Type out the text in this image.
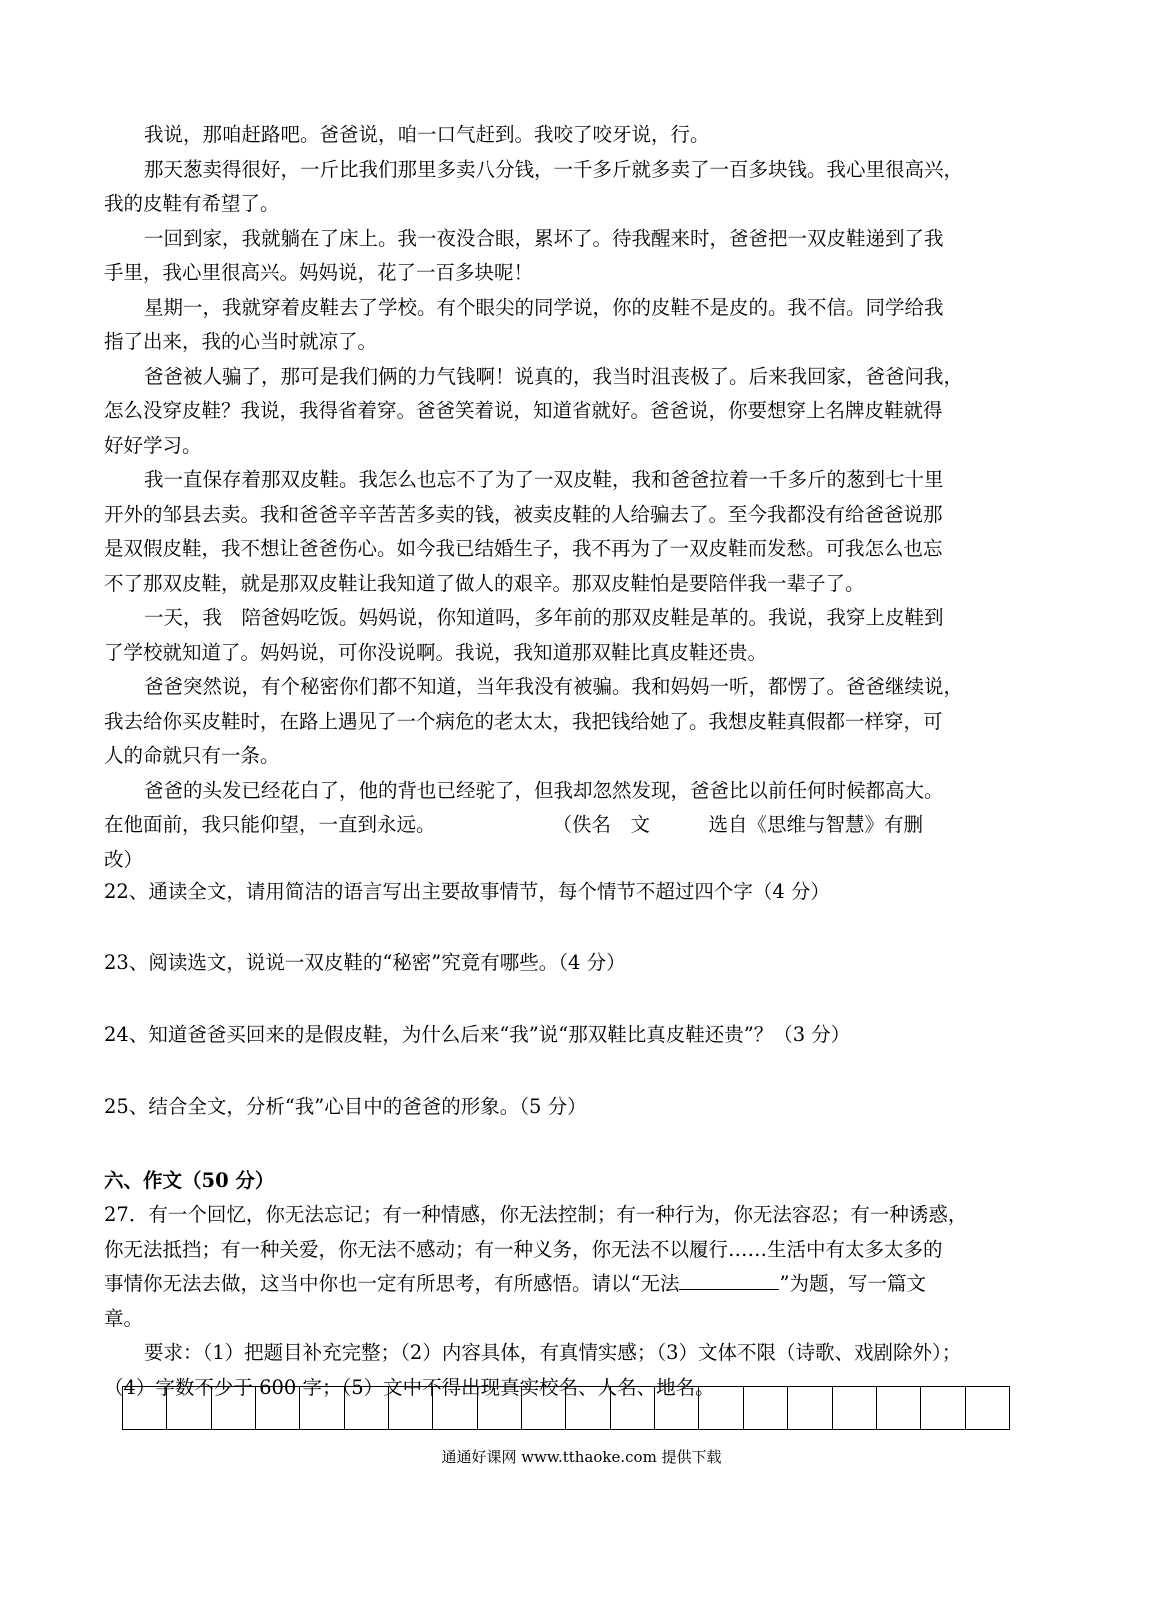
我说，那咱赶路吧。爸爸说，咱一口气赶到。我咬了咬牙说，行。
那天葱卖得很好，一斤比我们那里多卖八分钱，一千多斤就多卖了一百多块钱。我心里很高兴，
我的皮鞋有希望了。
一回到家，我就躺在了床上。我一夜没合眼，累坏了。待我醒来时，爸爸把一双皮鞋递到了我
手里，我心里很高兴。妈妈说，花了一百多块呢！
星期一，我就穿着皮鞋去了学校。有个眼尖的同学说，你的皮鞋不是皮的。我不信。同学给我
指了出来，我的心当时就凉了。
爸爸被人骗了，那可是我们俩的力气钱啊！说真的，我当时沮丧极了。后来我回家，爸爸问我，
怎么没穿皮鞋？我说，我得省着穿。爸爸笑着说，知道省就好。爸爸说，你要想穿上名牌皮鞋就得
好好学习。
我一直保存着那双皮鞋。我怎么也忘不了为了一双皮鞋，我和爸爸拉着一千多斤的葱到七十里
开外的邹县去卖。我和爸爸辛辛苦苦多卖的钱，被卖皮鞋的人给骗去了。至今我都没有给爸爸说那
是双假皮鞋，我不想让爸爸伤心。如今我已结婚生子，我不再为了一双皮鞋而发愁。可我怎么也忘
不了那双皮鞋，就是那双皮鞋让我知道了做人的艰辛。那双皮鞋怕是要陪伴我一辈子了。
一天，我　陪爸妈吃饭。妈妈说，你知道吗，多年前的那双皮鞋是革的。我说，我穿上皮鞋到
了学校就知道了。妈妈说，可你没说啊。我说，我知道那双鞋比真皮鞋还贵。
爸爸突然说，有个秘密你们都不知道，当年我没有被骗。我和妈妈一听，都愣了。爸爸继续说，
我去给你买皮鞋时，在路上遇见了一个病危的老太太，我把钱给她了。我想皮鞋真假都一样穿，可
人的命就只有一条。
爸爸的头发已经花白了，他的背也已经驼了，但我却忽然发现，爸爸比以前任何时候都高大。
在他面前，我只能仰望，一直到永远。　　　　　　　（佚名　文　　　选自《思维与智慧》有删
改）
22、通读全文，请用简洁的语言写出主要故事情节，每个情节不超过四个字（4 分）
23、阅读选文，说说一双皮鞋的“秘密”究竟有哪些。（4 分）
24、知道爸爸买回来的是假皮鞋，为什么后来“我”说“那双鞋比真皮鞋还贵”？（3 分）
25、结合全文，分析“我”心目中的爸爸的形象。（5 分）
六、作文（50 分）
27．有一个回忆，你无法忘记；有一种情感，你无法控制；有一种行为，你无法容忍；有一种诱惑，
你无法抵挡；有一种关爱，你无法不感动；有一种义务，你无法不以履行……生活中有太多太多的
事情你无法去做，这当中你也一定有所思考，有所感悟。请以“无法	”为题，写一篇文
章。
要求：（1）把题目补充完整；（2）内容具体，有真情实感；（3）文体不限（诗歌、戏剧除外）；
（4）字数不少于 600 字；（5）文中不得出现真实校名、人名、地名。
通通好课网 www.tthaoke.com 提供下载
